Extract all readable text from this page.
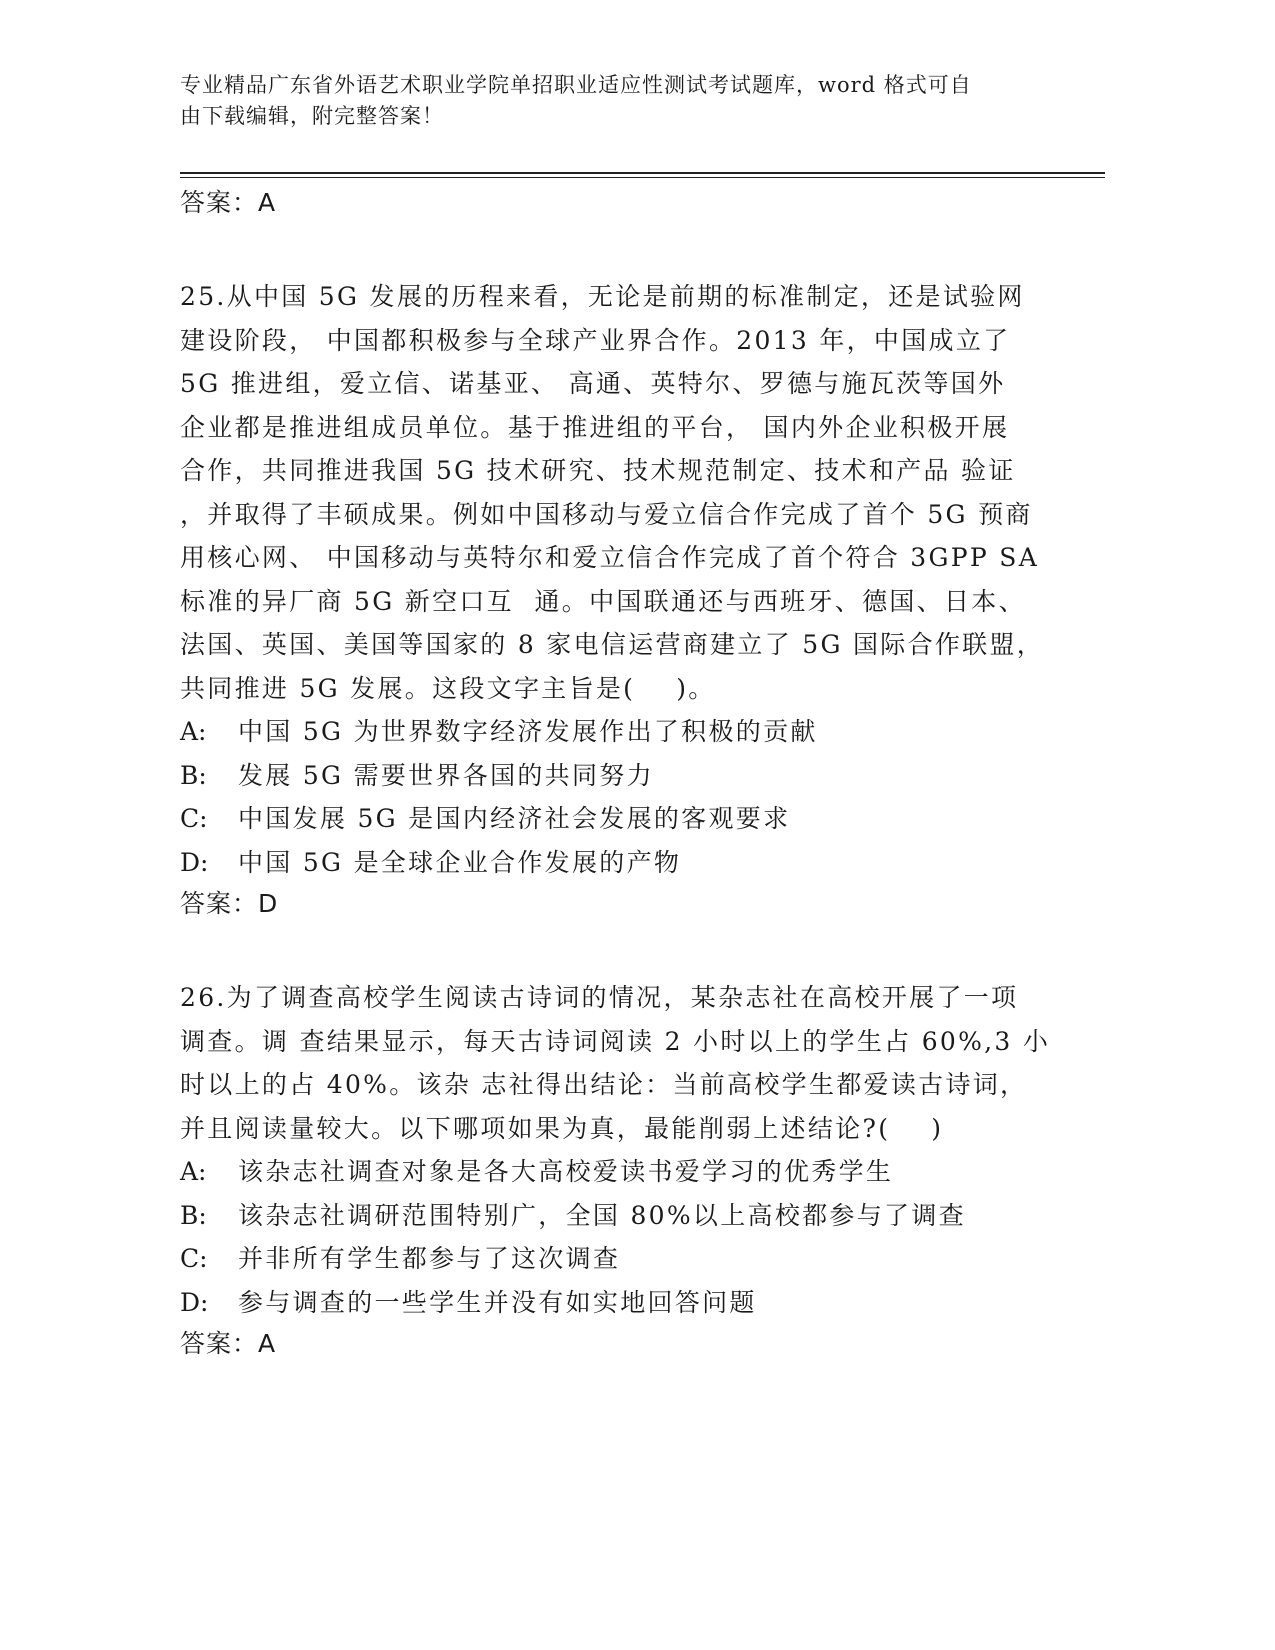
专业精品广东省外语艺术职业学院单招职业适应性测试考试题库，word 格式可自
由下载编辑，附完整答案！
答案：A
25.从中国 5G 发展的历程来看，无论是前期的标准制定，还是试验网
建设阶段， 中国都积极参与全球产业界合作。2013 年，中国成立了
5G 推进组，爱立信、诺基亚、 高通、英特尔、罗德与施瓦茨等国外
企业都是推进组成员单位。基于推进组的平台， 国内外企业积极开展
合作，共同推进我国 5G 技术研究、技术规范制定、技术和产品 验证
，并取得了丰硕成果。例如中国移动与爱立信合作完成了首个 5G 预商
用核心网、 中国移动与英特尔和爱立信合作完成了首个符合 3GPP SA
标准的异厂商 5G 新空口互  通。中国联通还与西班牙、德国、日本、
法国、英国、美国等国家的 8 家电信运营商建立了 5G 国际合作联盟，
共同推进 5G 发展。这段文字主旨是(    )。
A: 中国 5G 为世界数字经济发展作出了积极的贡献
B: 发展 5G 需要世界各国的共同努力
C: 中国发展 5G 是国内经济社会发展的客观要求
D: 中国 5G 是全球企业合作发展的产物
答案：D
26.为了调查高校学生阅读古诗词的情况，某杂志社在高校开展了一项
调查。调 查结果显示，每天古诗词阅读 2 小时以上的学生占 60%,3 小
时以上的占 40%。该杂 志社得出结论：当前高校学生都爱读古诗词，
并且阅读量较大。以下哪项如果为真，最能削弱上述结论?(    )
A: 该杂志社调查对象是各大高校爱读书爱学习的优秀学生
B: 该杂志社调研范围特别广，全国 80%以上高校都参与了调查
C: 并非所有学生都参与了这次调查
D: 参与调查的一些学生并没有如实地回答问题
答案：A
